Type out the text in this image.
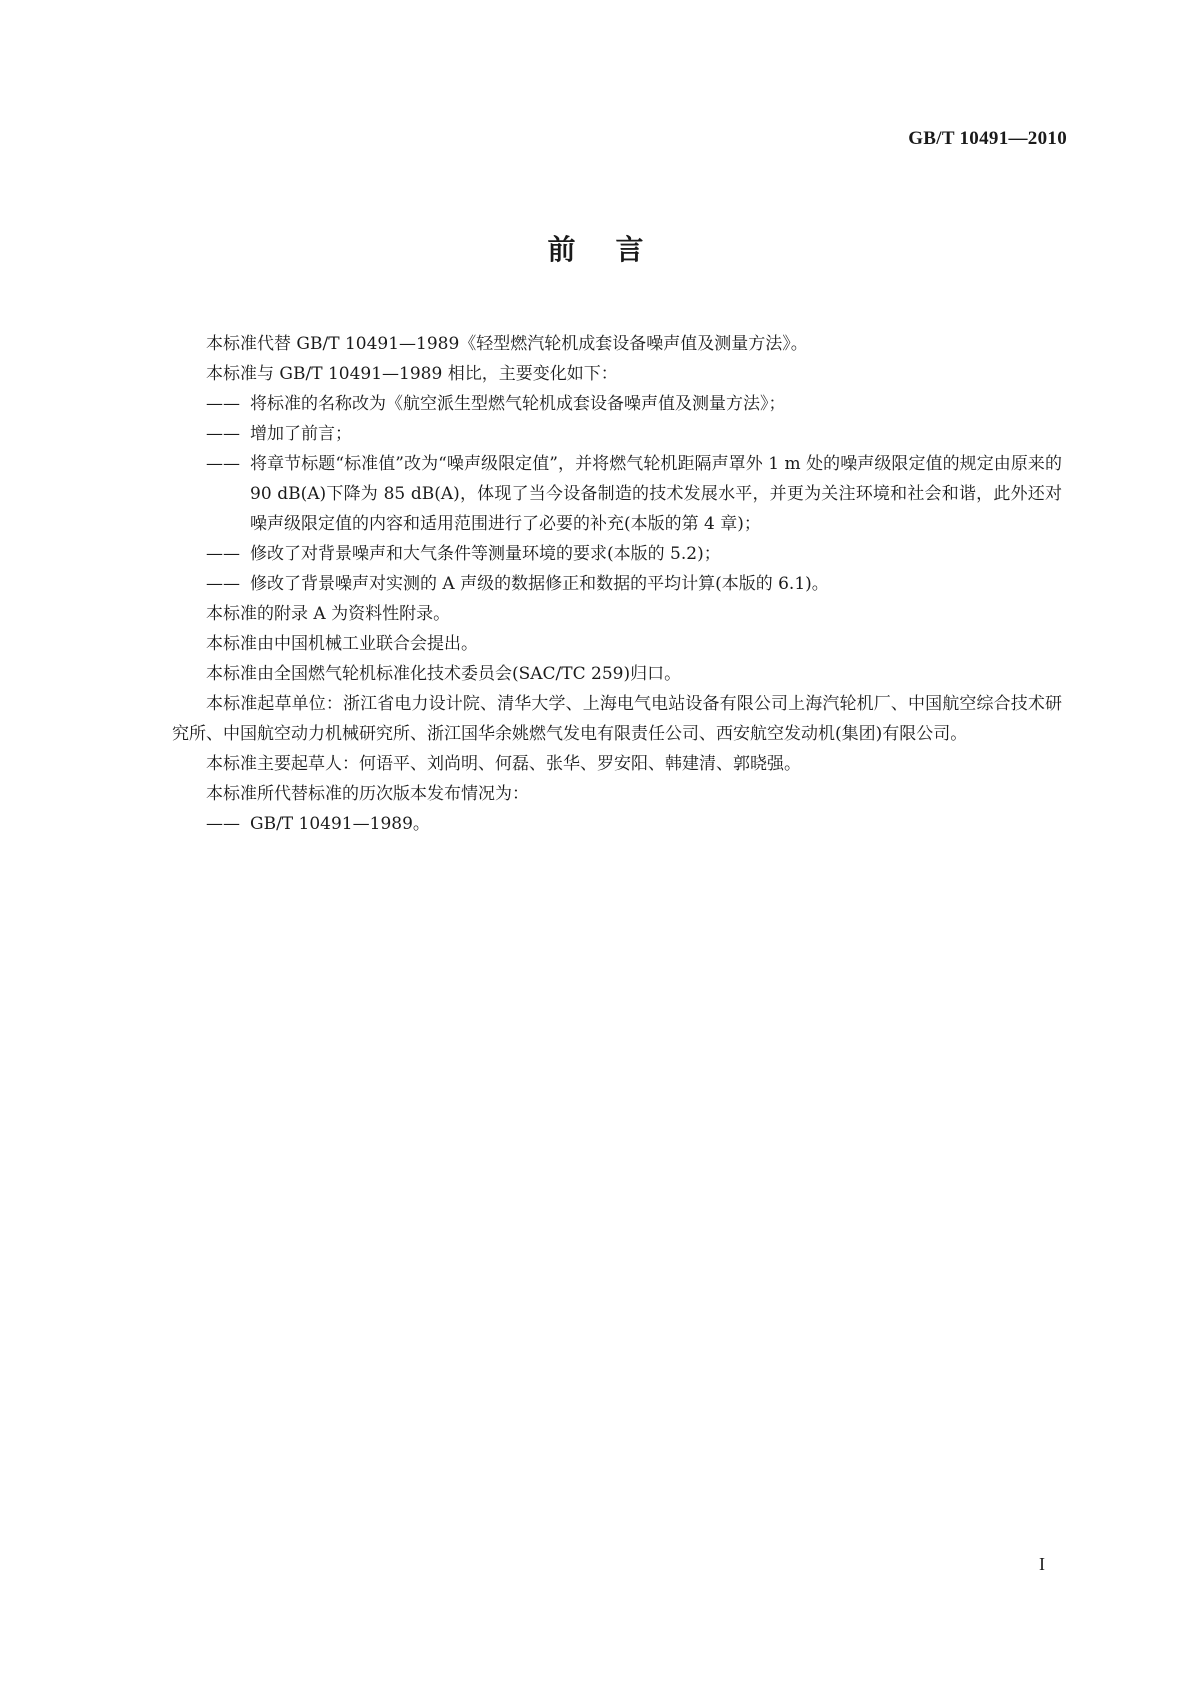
GB/T 10491—2010
前言

本标准代替 GB/T 10491—1989《轻型燃汽轮机成套设备噪声值及测量方法》。

本标准与 GB/T 10491—1989 相比，主要变化如下：

—— 将标准的名称改为《航空派生型燃气轮机成套设备噪声值及测量方法》；

—— 增加了前言；

—— 将章节标题“标准值”改为“噪声级限定值”，并将燃气轮机距隔声罩外 1 m 处的噪声级限定值的规定由原来的 90 dB(A)下降为 85 dB(A)，体现了当今设备制造的技术发展水平，并更为关注环境和社会和谐，此外还对噪声级限定值的内容和适用范围进行了必要的补充(本版的第 4 章)；

—— 修改了对背景噪声和大气条件等测量环境的要求(本版的 5.2)；

—— 修改了背景噪声对实测的 A 声级的数据修正和数据的平均计算(本版的 6.1)。

本标准的附录 A 为资料性附录。

本标准由中国机械工业联合会提出。

本标准由全国燃气轮机标准化技术委员会(SAC/TC 259)归口。

本标准起草单位：浙江省电力设计院、清华大学、上海电气电站设备有限公司上海汽轮机厂、中国航空综合技术研究所、中国航空动力机械研究所、浙江国华余姚燃气发电有限责任公司、西安航空发动机(集团)有限公司。

本标准主要起草人：何语平、刘尚明、何磊、张华、罗安阳、韩建清、郭晓强。

本标准所代替标准的历次版本发布情况为：

—— GB/T 10491—1989。

I
